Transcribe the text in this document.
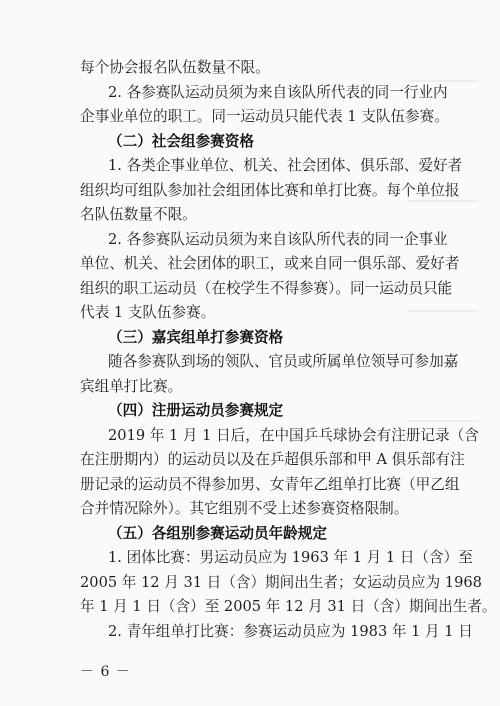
每个协会报名队伍数量不限。
2. 各参赛队运动员须为来自该队所代表的同一行业内
企事业单位的职工。同一运动员只能代表 1 支队伍参赛。
（二）社会组参赛资格
1. 各类企事业单位、机关、社会团体、俱乐部、爱好者
组织均可组队参加社会组团体比赛和单打比赛。每个单位报
名队伍数量不限。
2. 各参赛队运动员须为来自该队所代表的同一企事业
单位、机关、社会团体的职工，或来自同一俱乐部、爱好者
组织的职工运动员（在校学生不得参赛）。同一运动员只能
代表 1 支队伍参赛。
（三）嘉宾组单打参赛资格
随各参赛队到场的领队、官员或所属单位领导可参加嘉
宾组单打比赛。
（四）注册运动员参赛规定
2019 年 1 月 1 日后，在中国乒乓球协会有注册记录（含
在注册期内）的运动员以及在乒超俱乐部和甲 A 俱乐部有注
册记录的运动员不得参加男、女青年乙组单打比赛（甲乙组
合并情况除外）。其它组别不受上述参赛资格限制。
（五）各组别参赛运动员年龄规定
1. 团体比赛：男运动员应为 1963 年 1 月 1 日（含）至
2005 年 12 月 31 日（含）期间出生者；女运动员应为 1968
年 1 月 1 日（含）至 2005 年 12 月 31 日（含）期间出生者。
2. 青年组单打比赛：参赛运动员应为 1983 年 1 月 1 日
－ 6 －
